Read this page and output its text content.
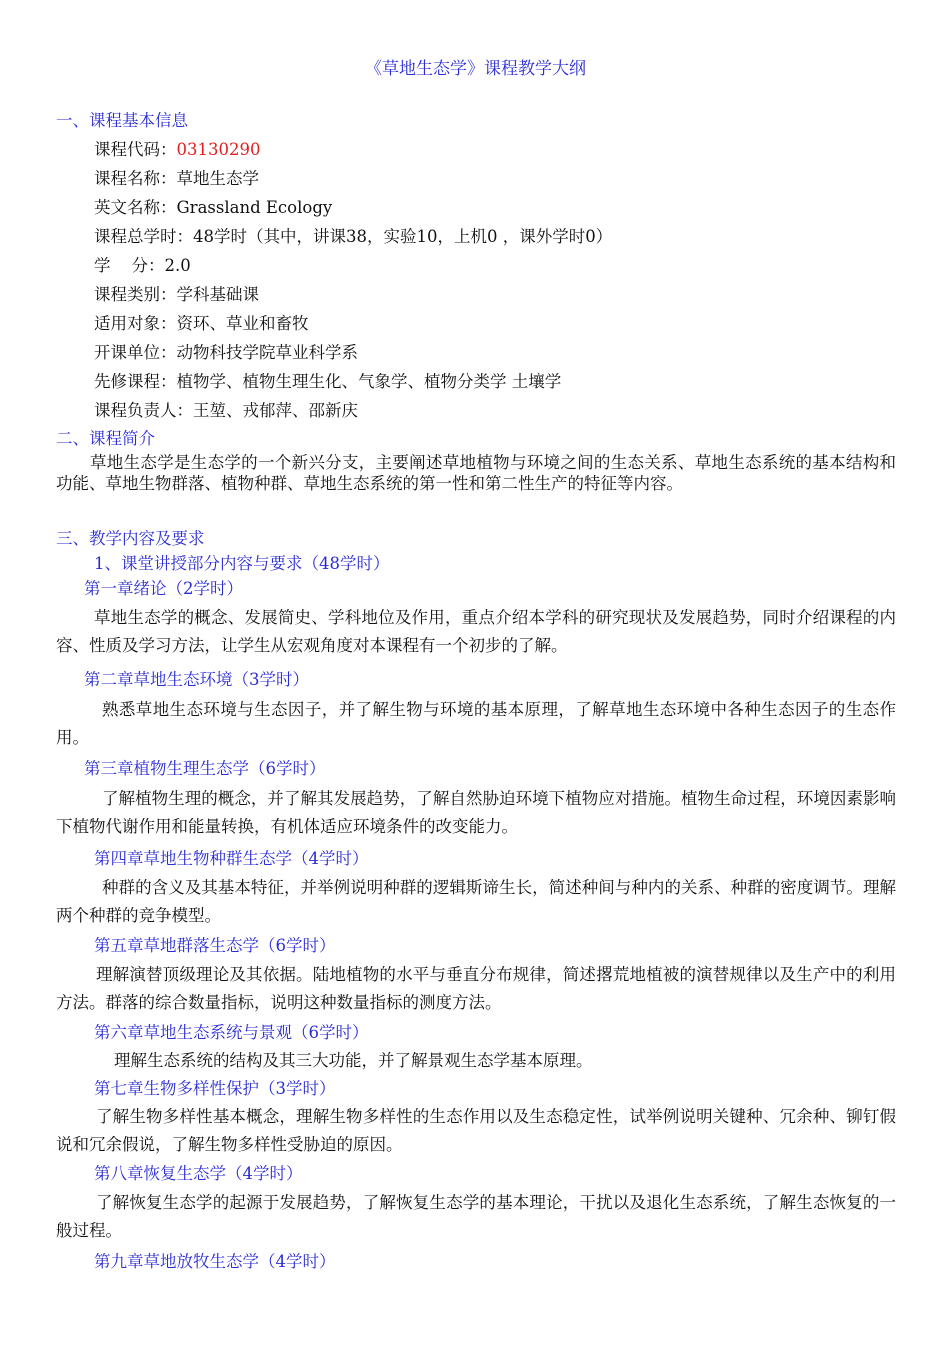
《草地生态学》课程教学大纲
一、课程基本信息
课程代码：03130290
课程名称：草地生态学
英文名称：Grassland Ecology
课程总学时：48学时（其中，讲课38，实验10，上机0 ，课外学时0）
学    分：2.0
课程类别：学科基础课
适用对象：资环、草业和畜牧
开课单位：动物科技学院草业科学系
先修课程：植物学、植物生理生化、气象学、植物分类学 土壤学
课程负责人：王堃、戎郁萍、邵新庆
二、课程简介
草地生态学是生态学的一个新兴分支，主要阐述草地植物与环境之间的生态关系、草地生态系统的基本结构和功能、草地生物群落、植物种群、草地生态系统的第一性和第二性生产的特征等内容。
三、教学内容及要求
1、课堂讲授部分内容与要求（48学时）
第一章绪论（2学时）
草地生态学的概念、发展简史、学科地位及作用，重点介绍本学科的研究现状及发展趋势，同时介绍课程的内容、性质及学习方法，让学生从宏观角度对本课程有一个初步的了解。
第二章草地生态环境（3学时）
熟悉草地生态环境与生态因子，并了解生物与环境的基本原理，了解草地生态环境中各种生态因子的生态作用。
第三章植物生理生态学（6学时）
了解植物生理的概念，并了解其发展趋势，了解自然胁迫环境下植物应对措施。植物生命过程，环境因素影响下植物代谢作用和能量转换，有机体适应环境条件的改变能力。
第四章草地生物种群生态学（4学时）
种群的含义及其基本特征，并举例说明种群的逻辑斯谛生长，简述种间与种内的关系、种群的密度调节。理解两个种群的竞争模型。
第五章草地群落生态学（6学时）
理解演替顶级理论及其依据。陆地植物的水平与垂直分布规律，简述撂荒地植被的演替规律以及生产中的利用方法。群落的综合数量指标，说明这种数量指标的测度方法。
第六章草地生态系统与景观（6学时）
理解生态系统的结构及其三大功能，并了解景观生态学基本原理。
第七章生物多样性保护（3学时）
了解生物多样性基本概念，理解生物多样性的生态作用以及生态稳定性，试举例说明关键种、冗余种、铆钉假说和冗余假说，了解生物多样性受胁迫的原因。
第八章恢复生态学（4学时）
了解恢复生态学的起源于发展趋势，了解恢复生态学的基本理论，干扰以及退化生态系统，了解生态恢复的一般过程。
第九章草地放牧生态学（4学时）
